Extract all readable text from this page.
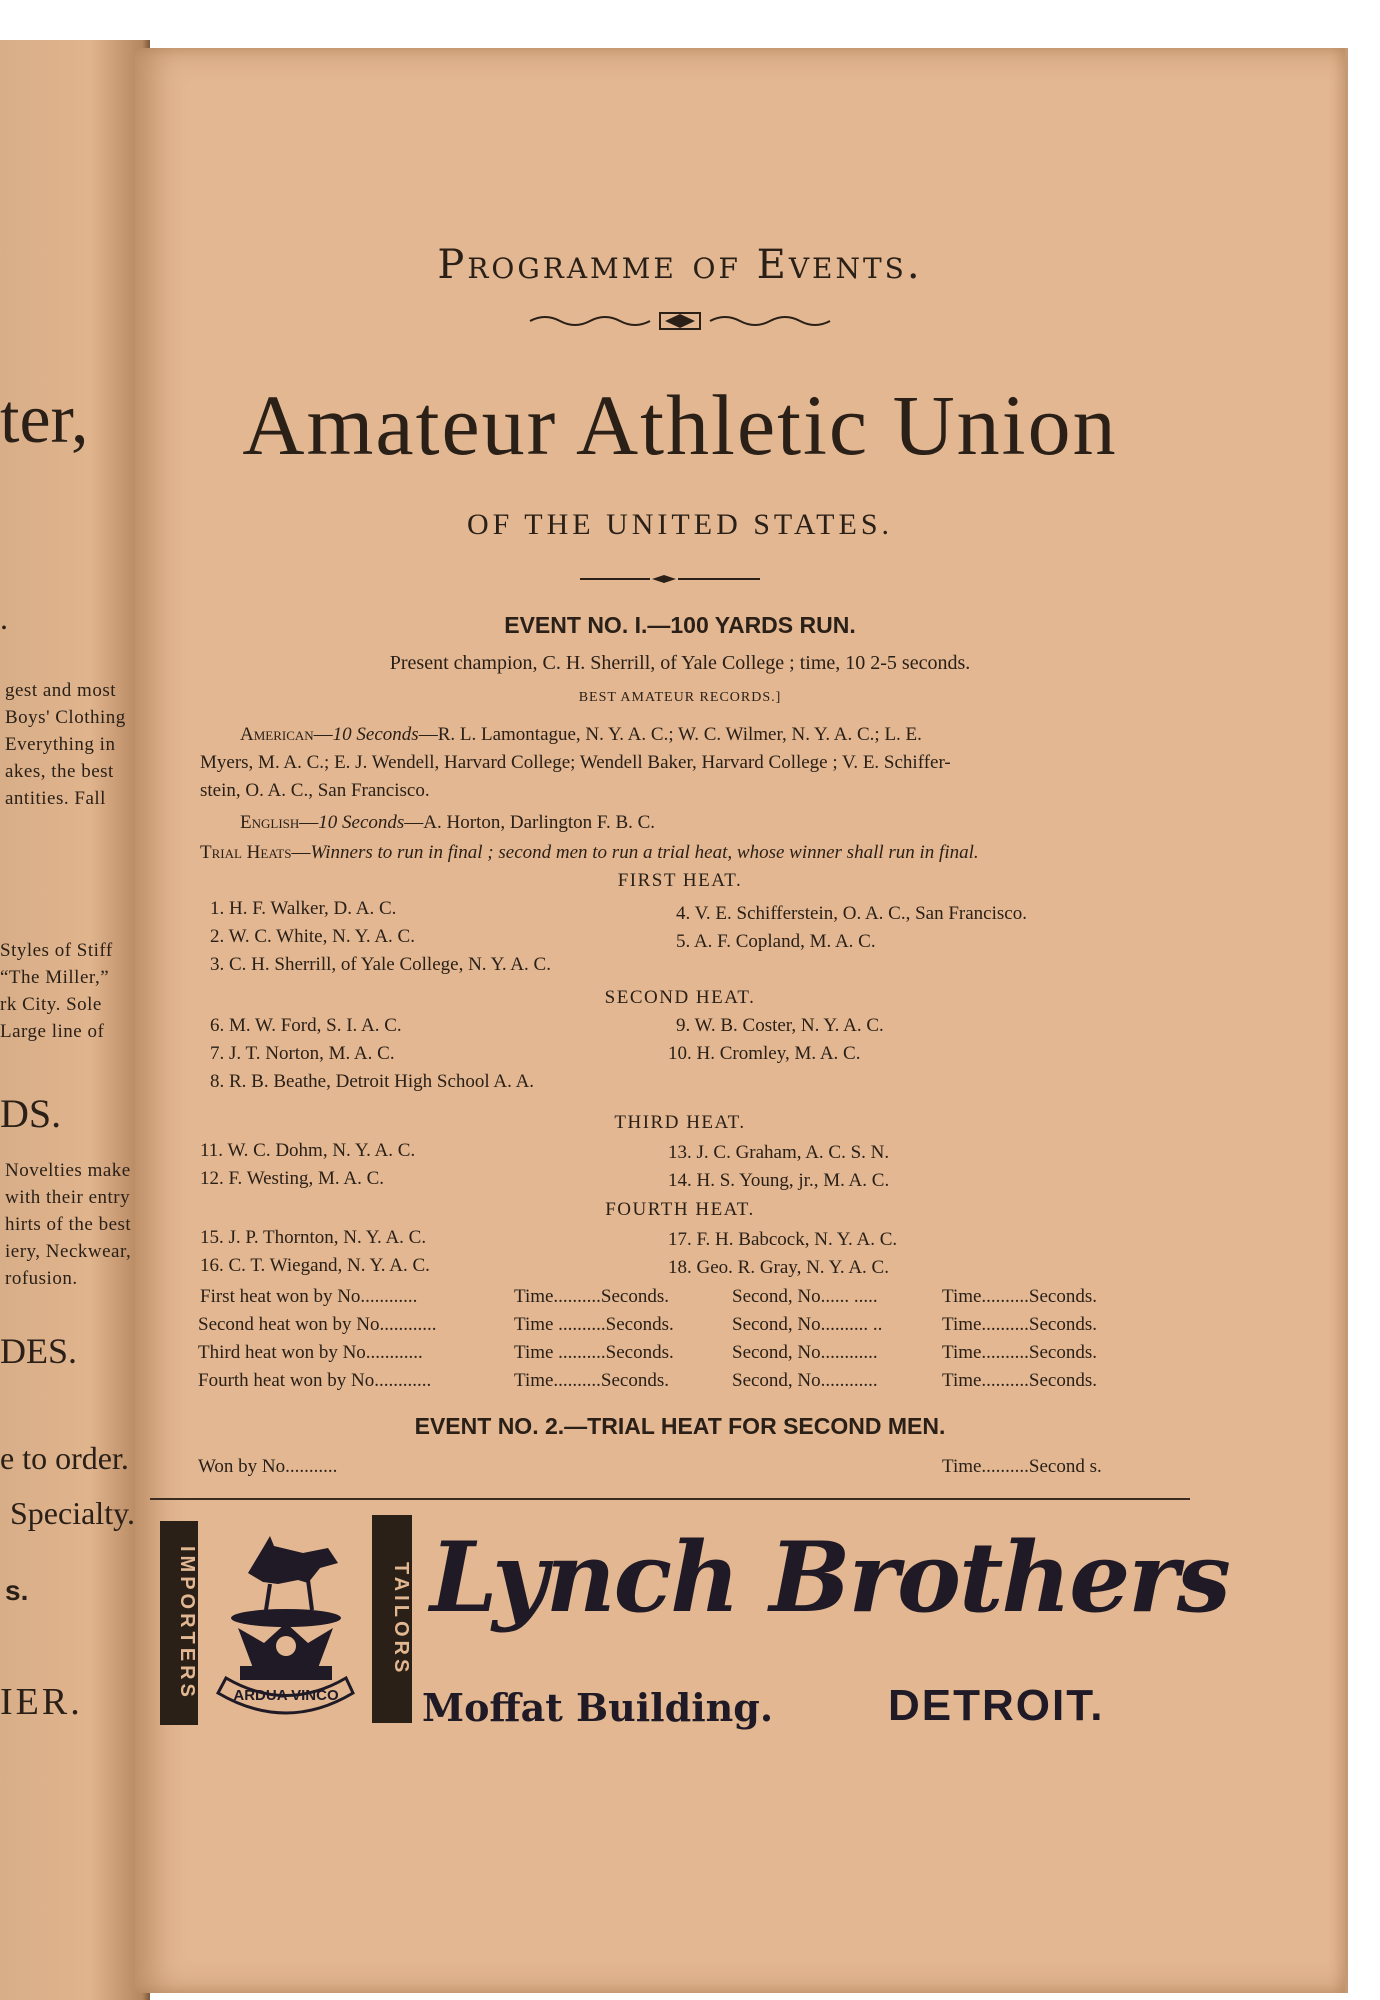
ter,
.
gest and most
Boys' Clothing
Everything in
akes, the best
antities. Fall
Styles of Stiff
“The Miller,”
rk City. Sole
Large line of
DS.
Novelties make
with their entry
hirts of the best
iery, Neckwear,
rofusion.
DES.
e to order.
Specialty.
s.
IER.
Programme of Events.
Amateur Athletic Union
OF THE UNITED STATES.
EVENT NO. I.—100 YARDS RUN.
Present champion, C. H. Sherrill, of Yale College ; time, 10 2-5 seconds.
BEST AMATEUR RECORDS.]
American—10 Seconds—R. L. Lamontague, N. Y. A. C.; W. C. Wilmer, N. Y. A. C.; L. E.
Myers, M. A. C.; E. J. Wendell, Harvard College; Wendell Baker, Harvard College ; V. E. Schiffer-
stein, O. A. C., San Francisco.
English—10 Seconds—A. Horton, Darlington F. B. C.
Trial Heats—Winners to run in final ; second men to run a trial heat, whose winner shall run in final.
FIRST HEAT.
1. H. F. Walker, D. A. C.
2. W. C. White, N. Y. A. C.
3. C. H. Sherrill, of Yale College, N. Y. A. C.
4. V. E. Schifferstein, O. A. C., San Francisco.
5. A. F. Copland, M. A. C.
SECOND HEAT.
6. M. W. Ford, S. I. A. C.
7. J. T. Norton, M. A. C.
8. R. B. Beathe, Detroit High School A. A.
9. W. B. Coster, N. Y. A. C.
10. H. Cromley, M. A. C.
THIRD HEAT.
11. W. C. Dohm, N. Y. A. C.
12. F. Westing, M. A. C.
13. J. C. Graham, A. C. S. N.
14. H. S. Young, jr., M. A. C.
FOURTH HEAT.
15. J. P. Thornton, N. Y. A. C.
16. C. T. Wiegand, N. Y. A. C.
17. F. H. Babcock, N. Y. A. C.
18. Geo. R. Gray, N. Y. A. C.
First heat won by No............	Time..........Seconds.	Second, No...... .....	Time..........Seconds.
Second heat won by No............	Time ..........Seconds.	Second, No.......... ..	Time..........Seconds.
Third heat won by No............	Time ..........Seconds.	Second, No............	Time..........Seconds.
Fourth heat won by No............	Time..........Seconds.	Second, No............	Time..........Seconds.
EVENT NO. 2.—TRIAL HEAT FOR SECOND MEN.
Won by No...........	Time..........Second s.
IMPORTERS ARDUA VINCO
TAILORS Lynch Brothers
Moffat Building.	DETROIT.
